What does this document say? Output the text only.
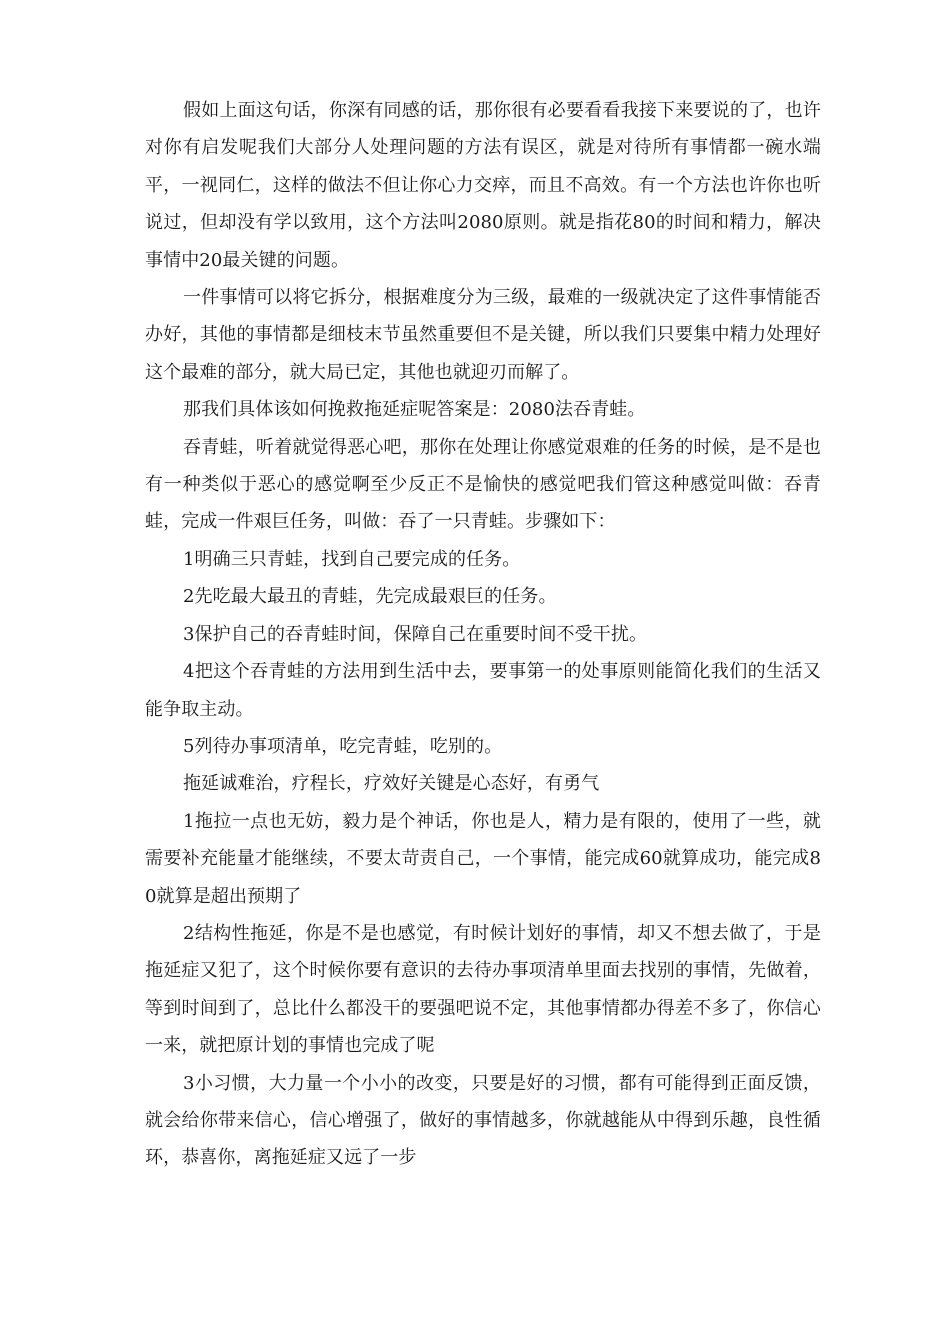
假如上面这句话，你深有同感的话，那你很有必要看看我接下来要说的了，也许对你有启发呢我们大部分人处理问题的方法有误区，就是对待所有事情都一碗水端平，一视同仁，这样的做法不但让你心力交瘁，而且不高效。有一个方法也许你也听说过，但却没有学以致用，这个方法叫2080原则。就是指花80的时间和精力，解决事情中20最关键的问题。

一件事情可以将它拆分，根据难度分为三级，最难的一级就决定了这件事情能否办好，其他的事情都是细枝末节虽然重要但不是关键，所以我们只要集中精力处理好这个最难的部分，就大局已定，其他也就迎刃而解了。

那我们具体该如何挽救拖延症呢答案是：2080法吞青蛙。

吞青蛙，听着就觉得恶心吧，那你在处理让你感觉艰难的任务的时候，是不是也有一种类似于恶心的感觉啊至少反正不是愉快的感觉吧我们管这种感觉叫做：吞青蛙，完成一件艰巨任务，叫做：吞了一只青蛙。步骤如下：

1明确三只青蛙，找到自己要完成的任务。

2先吃最大最丑的青蛙，先完成最艰巨的任务。

3保护自己的吞青蛙时间，保障自己在重要时间不受干扰。

4把这个吞青蛙的方法用到生活中去，要事第一的处事原则能简化我们的生活又能争取主动。

5列待办事项清单，吃完青蛙，吃别的。

拖延诚难治，疗程长，疗效好关键是心态好，有勇气

1拖拉一点也无妨，毅力是个神话，你也是人，精力是有限的，使用了一些，就需要补充能量才能继续，不要太苛责自己，一个事情，能完成60就算成功，能完成80就算是超出预期了

2结构性拖延，你是不是也感觉，有时候计划好的事情，却又不想去做了，于是拖延症又犯了，这个时候你要有意识的去待办事项清单里面去找别的事情，先做着，等到时间到了，总比什么都没干的要强吧说不定，其他事情都办得差不多了，你信心一来，就把原计划的事情也完成了呢

3小习惯，大力量一个小小的改变，只要是好的习惯，都有可能得到正面反馈，就会给你带来信心，信心增强了，做好的事情越多，你就越能从中得到乐趣，良性循环，恭喜你，离拖延症又远了一步
